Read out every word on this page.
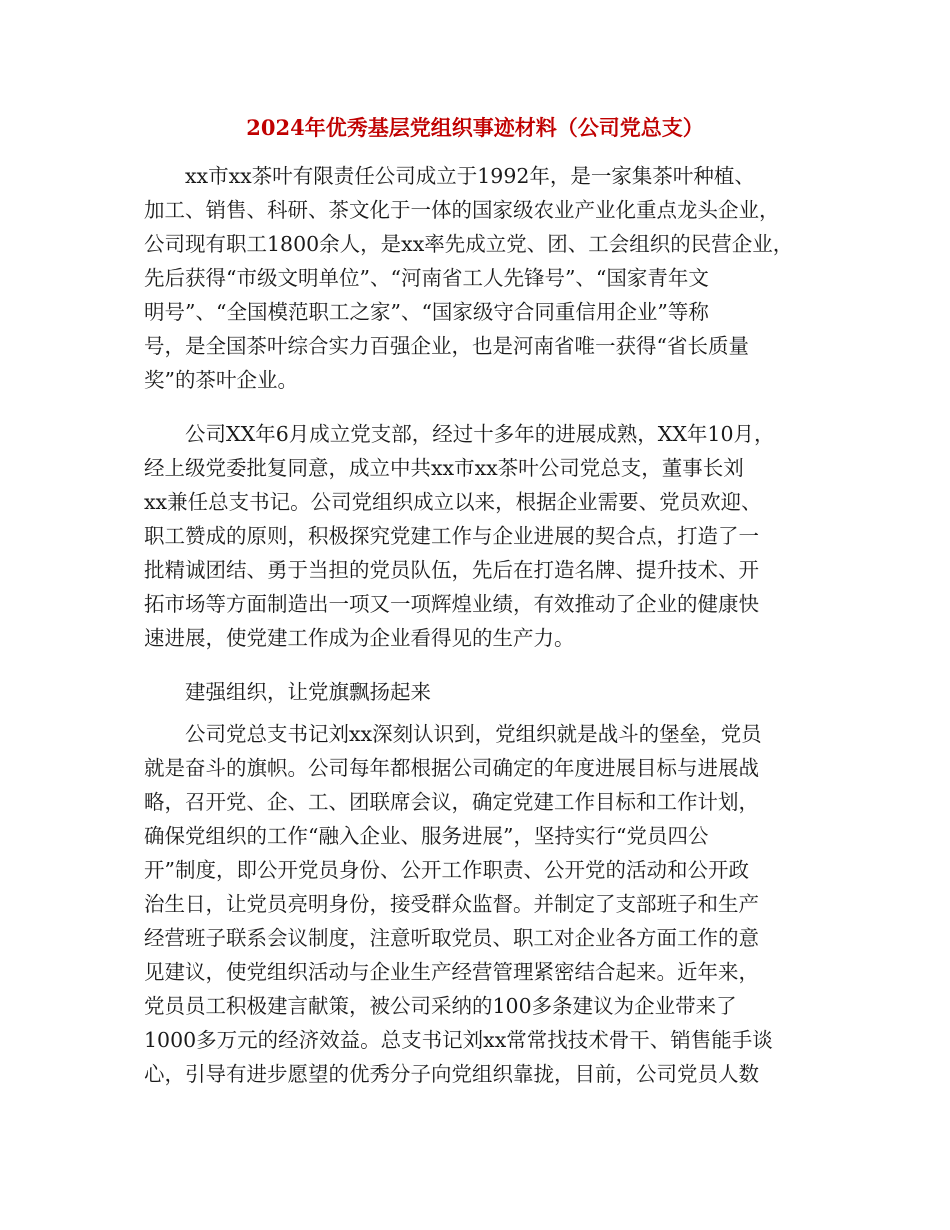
2024年优秀基层党组织事迹材料（公司党总支）
xx市xx茶叶有限责任公司成立于1992年，是一家集茶叶种植、
加工、销售、科研、茶文化于一体的国家级农业产业化重点龙头企业，
公司现有职工1800余人，是xx率先成立党、团、工会组织的民营企业，
先后获得“市级文明单位”、“河南省工人先锋号”、“国家青年文
明号”、“全国模范职工之家”、“国家级守合同重信用企业”等称
号，是全国茶叶综合实力百强企业，也是河南省唯一获得“省长质量
奖”的茶叶企业。
公司XX年6月成立党支部，经过十多年的进展成熟，XX年10月，
经上级党委批复同意，成立中共xx市xx茶叶公司党总支，董事长刘
xx兼任总支书记。公司党组织成立以来，根据企业需要、党员欢迎、
职工赞成的原则，积极探究党建工作与企业进展的契合点，打造了一
批精诚团结、勇于当担的党员队伍，先后在打造名牌、提升技术、开
拓市场等方面制造出一项又一项辉煌业绩，有效推动了企业的健康快
速进展，使党建工作成为企业看得见的生产力。
建强组织，让党旗飘扬起来
公司党总支书记刘xx深刻认识到，党组织就是战斗的堡垒，党员
就是奋斗的旗帜。公司每年都根据公司确定的年度进展目标与进展战
略，召开党、企、工、团联席会议，确定党建工作目标和工作计划，
确保党组织的工作“融入企业、服务进展”，坚持实行“党员四公
开”制度，即公开党员身份、公开工作职责、公开党的活动和公开政
治生日，让党员亮明身份，接受群众监督。并制定了支部班子和生产
经营班子联系会议制度，注意听取党员、职工对企业各方面工作的意
见建议，使党组织活动与企业生产经营管理紧密结合起来。近年来，
党员员工积极建言献策，被公司采纳的100多条建议为企业带来了
1000多万元的经济效益。总支书记刘xx常常找技术骨干、销售能手谈
心，引导有进步愿望的优秀分子向党组织靠拢，目前，公司党员人数
